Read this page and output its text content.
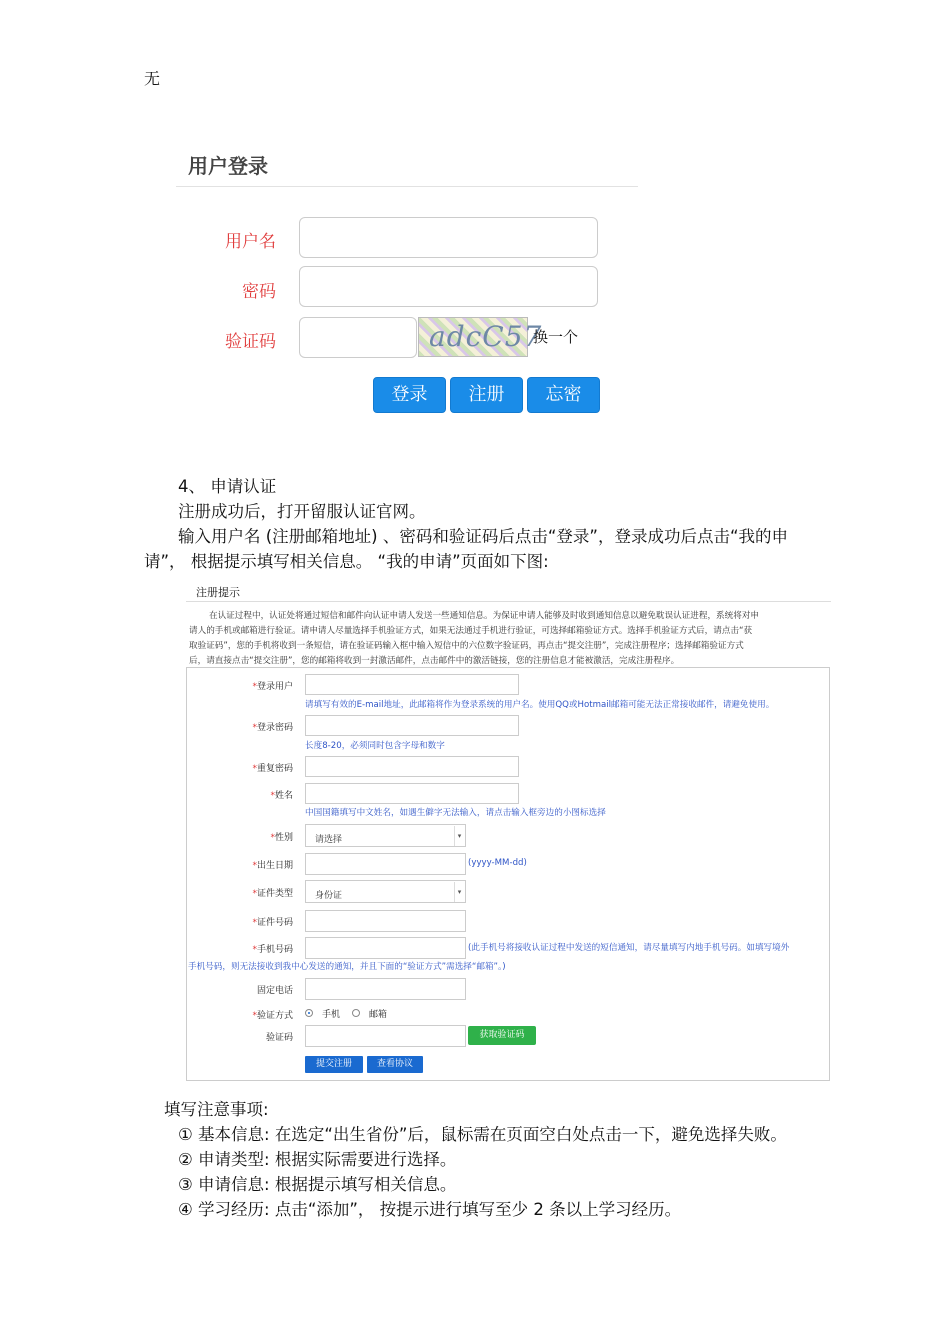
无
用户登录
用户名
密码
验证码	adcC57
换一个
登录	注册	忘密
4、 申请认证
注册成功后，打开留服认证官网。
输入用户名 (注册邮箱地址) 、密码和验证码后点击“登录”，登录成功后点击“我的申
请”， 根据提示填写相关信息。 “我的申请”页面如下图:
注册提示
在认证过程中，认证处将通过短信和邮件向认证申请人发送一些通知信息。为保证申请人能够及时收到通知信息以避免耽误认证进程，系统将对申
请人的手机或邮箱进行验证。请申请人尽量选择手机验证方式，如果无法通过手机进行验证，可选择邮箱验证方式。选择手机验证方式后，请点击“获
取验证码”，您的手机将收到一条短信，请在验证码输入框中输入短信中的六位数字验证码，再点击“提交注册”，完成注册程序；选择邮箱验证方式
后，请直接点击“提交注册”，您的邮箱将收到一封激活邮件，点击邮件中的激活链接，您的注册信息才能被激活，完成注册程序。
*登录用户
请填写有效的E-mail地址，此邮箱将作为登录系统的用户名。使用QQ或Hotmail邮箱可能无法正常接收邮件，请避免使用。
*登录密码
长度8-20，必须同时包含字母和数字
*重复密码
*姓名
中国国籍填写中文姓名，如遇生僻字无法输入，请点击输入框旁边的小图标选择
*性别	请选择	▾
*出生日期	(yyyy-MM-dd)
*证件类型	身份证	▾
*证件号码
*手机号码	(此手机号将接收认证过程中发送的短信通知，请尽量填写内地手机号码。如填写境外
手机号码，则无法接收到我中心发送的通知，并且下面的“验证方式”需选择“邮箱”。)
固定电话
*验证方式	手机	邮箱
验证码	获取验证码
提交注册	查看协议
填写注意事项:
① 基本信息: 在选定“出生省份”后，鼠标需在页面空白处点击一下，避免选择失败。
② 申请类型: 根据实际需要进行选择。
③ 申请信息: 根据提示填写相关信息。
④ 学习经历: 点击“添加”， 按提示进行填写至少 2 条以上学习经历。
